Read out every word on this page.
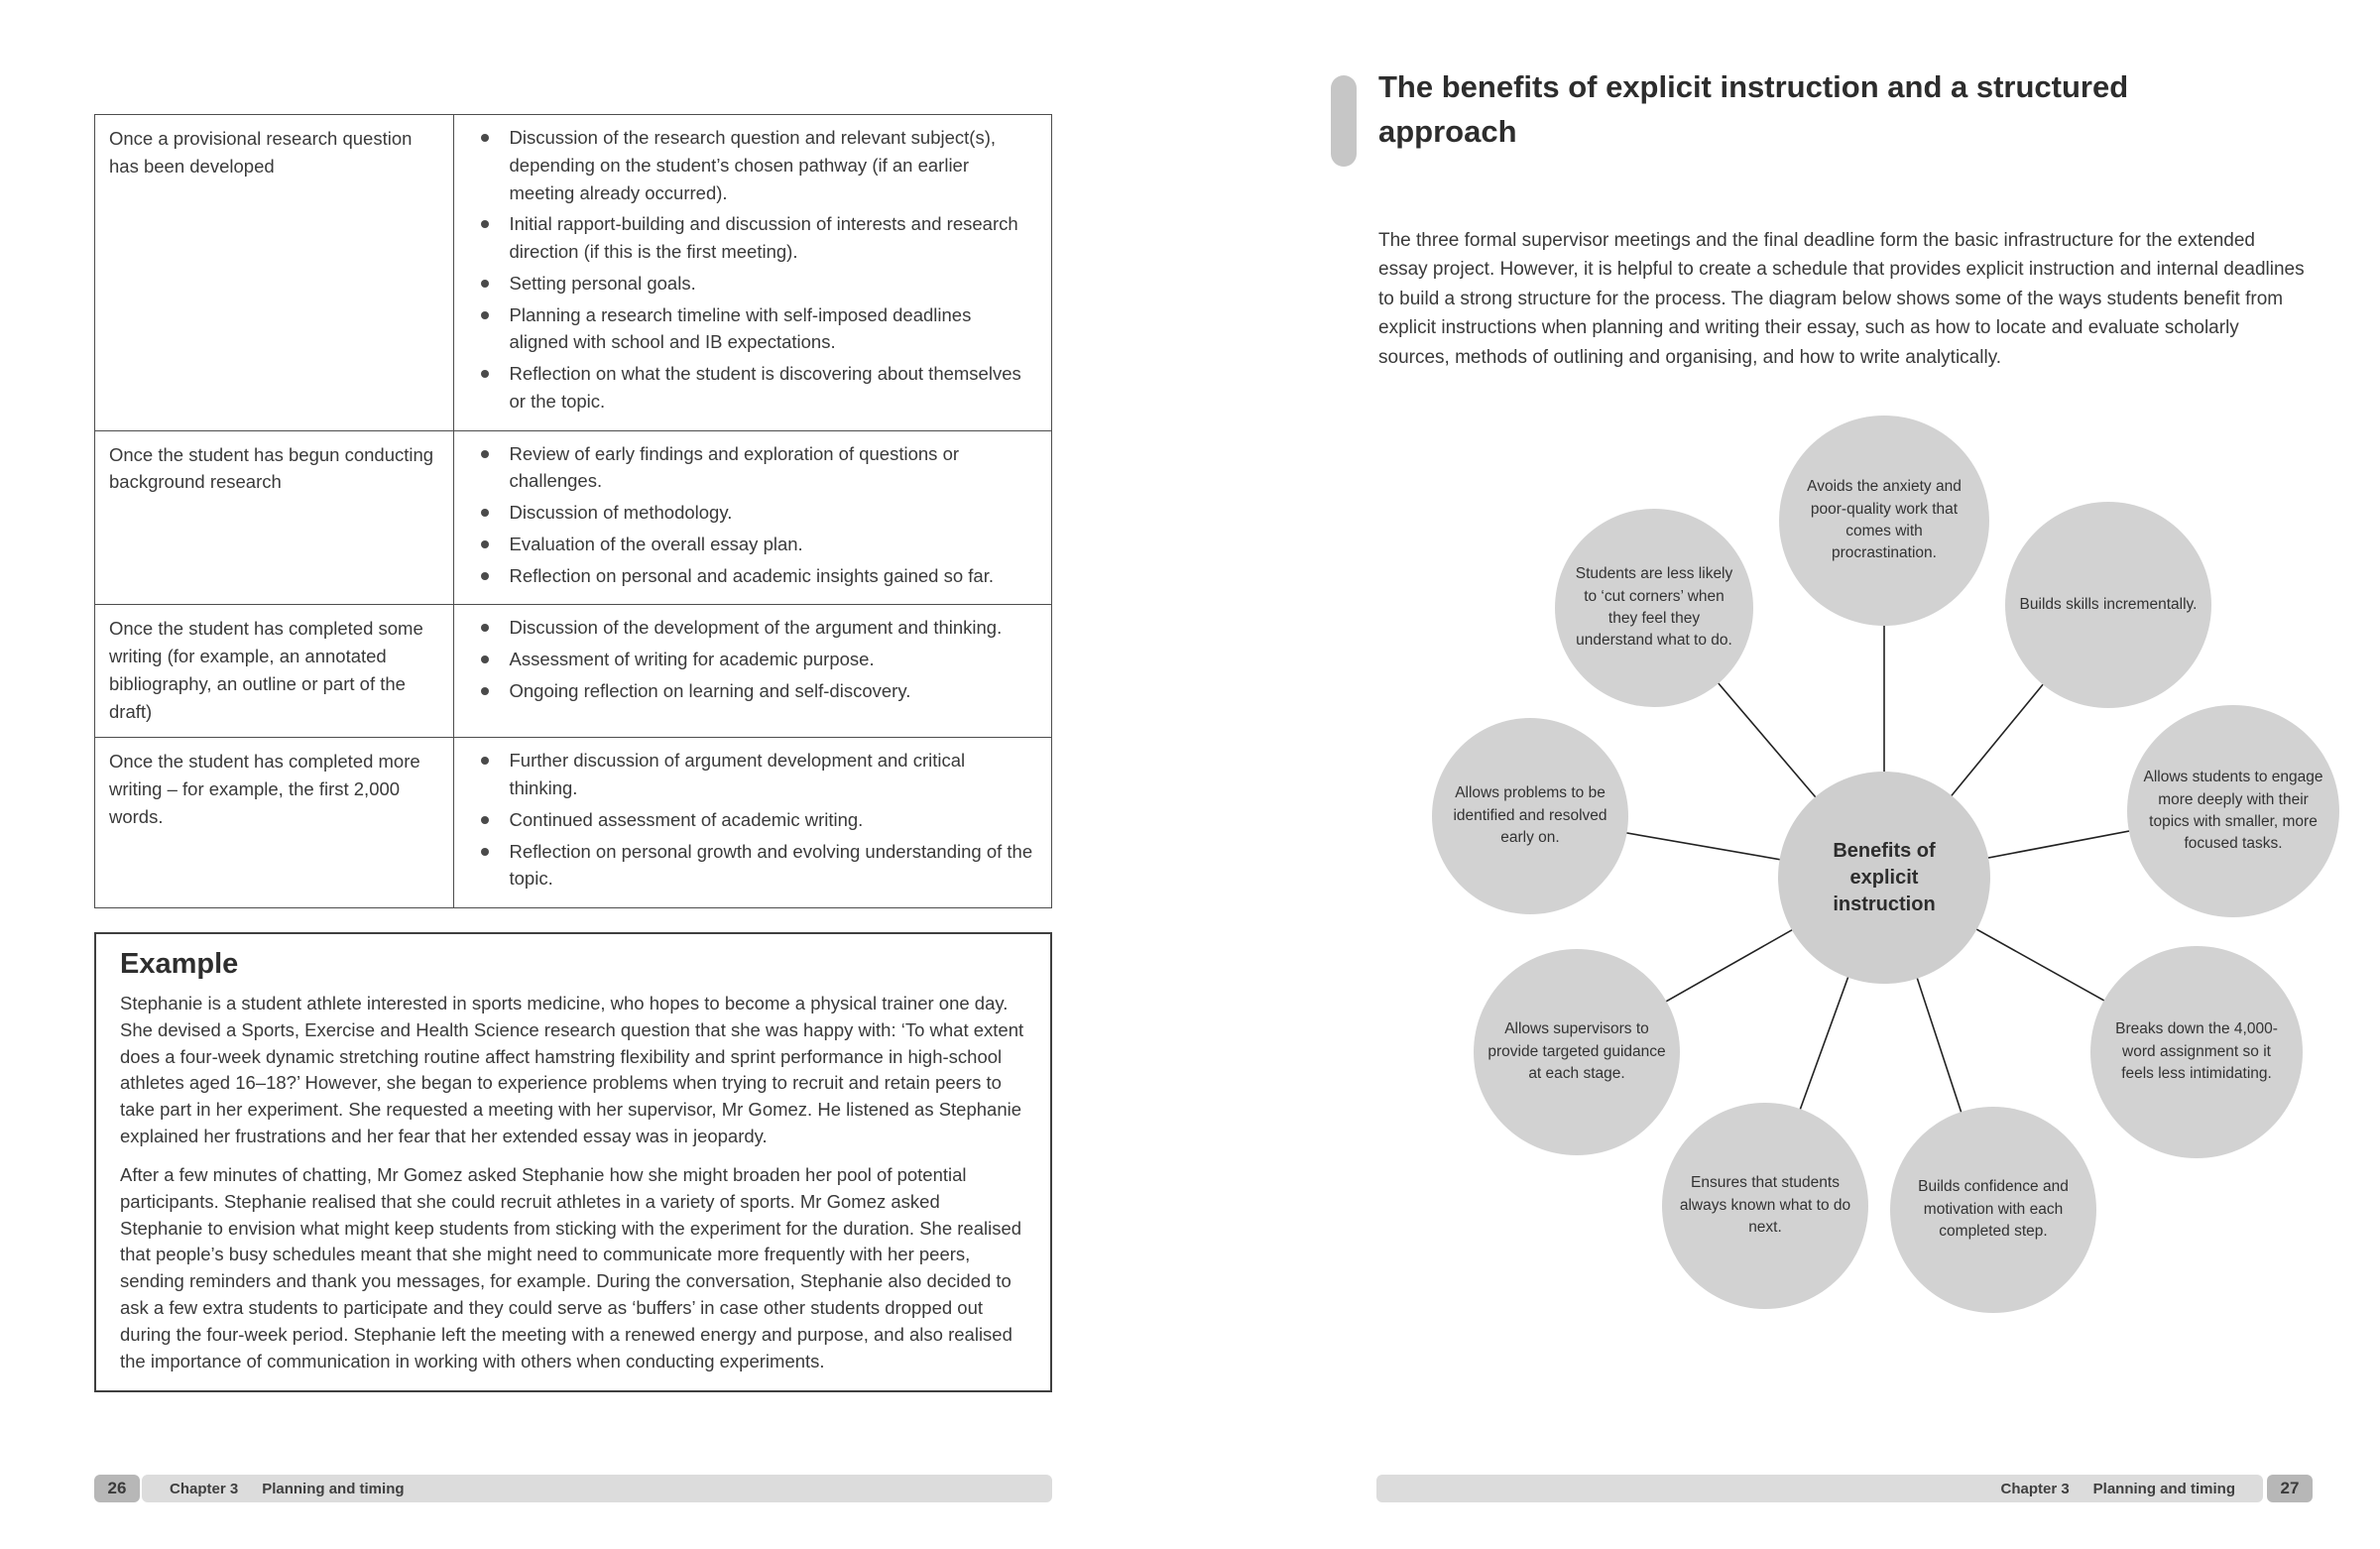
Once a provisional research question has been developed
Discussion of the research question and relevant subject(s), depending on the student’s chosen pathway (if an earlier meeting already occurred).
Initial rapport-building and discussion of interests and research direction (if this is the first meeting).
Setting personal goals.
Planning a research timeline with self-imposed deadlines aligned with school and IB expectations.
Reflection on what the student is discovering about themselves or the topic.
Once the student has begun conducting background research
Review of early findings and exploration of questions or challenges.
Discussion of methodology.
Evaluation of the overall essay plan.
Reflection on personal and academic insights gained so far.
Once the student has completed some writing (for example, an annotated bibliography, an outline or part of the draft)
Discussion of the development of the argument and thinking.
Assessment of writing for academic purpose.
Ongoing reflection on learning and self-discovery.
Once the student has completed more writing – for example, the first 2,000 words.
Further discussion of argument development and critical thinking.
Continued assessment of academic writing.
Reflection on personal growth and evolving understanding of the topic.
Example

Stephanie is a student athlete interested in sports medicine, who hopes to become a physical trainer one day. She devised a Sports, Exercise and Health Science research question that she was happy with: ‘To what extent does a four-week dynamic stretching routine affect hamstring flexibility and sprint performance in high-school athletes aged 16–18?’ However, she began to experience problems when trying to recruit and retain peers to take part in her experiment. She requested a meeting with her supervisor, Mr Gomez. He listened as Stephanie explained her frustrations and her fear that her extended essay was in jeopardy.

After a few minutes of chatting, Mr Gomez asked Stephanie how she might broaden her pool of potential participants. Stephanie realised that she could recruit athletes in a variety of sports. Mr Gomez asked Stephanie to envision what might keep students from sticking with the experiment for the duration. She realised that people’s busy schedules meant that she might need to communicate more frequently with her peers, sending reminders and thank you messages, for example. During the conversation, Stephanie also decided to ask a few extra students to participate and they could serve as ‘buffers’ in case other students dropped out during the four-week period. Stephanie left the meeting with a renewed energy and purpose, and also realised the importance of communication in working with others when conducting experiments.

26	Chapter 3 Planning and timing
The benefits of explicit instruction and a structured approach
The three formal supervisor meetings and the final deadline form the basic infrastructure for the extended essay project. However, it is helpful to create a schedule that provides explicit instruction and internal deadlines to build a strong structure for the process. The diagram below shows some of the ways students benefit from explicit instructions when planning and writing their essay, such as how to locate and evaluate scholarly sources, methods of outlining and organising, and how to write analytically.
Avoids the anxiety and poor-quality work that comes with procrastination.
Students are less likely to ‘cut corners’ when they feel they understand what to do.
Builds skills incrementally.
Allows problems to be identified and resolved early on.
Allows students to engage more deeply with their topics with smaller, more focused tasks.
Allows supervisors to provide targeted guidance at each stage.
Breaks down the 4,000-word assignment so it feels less intimidating.
Ensures that students always known what to do next.
Builds confidence and motivation with each completed step.
Benefits of explicit instruction
Chapter 3 Planning and timing	27
